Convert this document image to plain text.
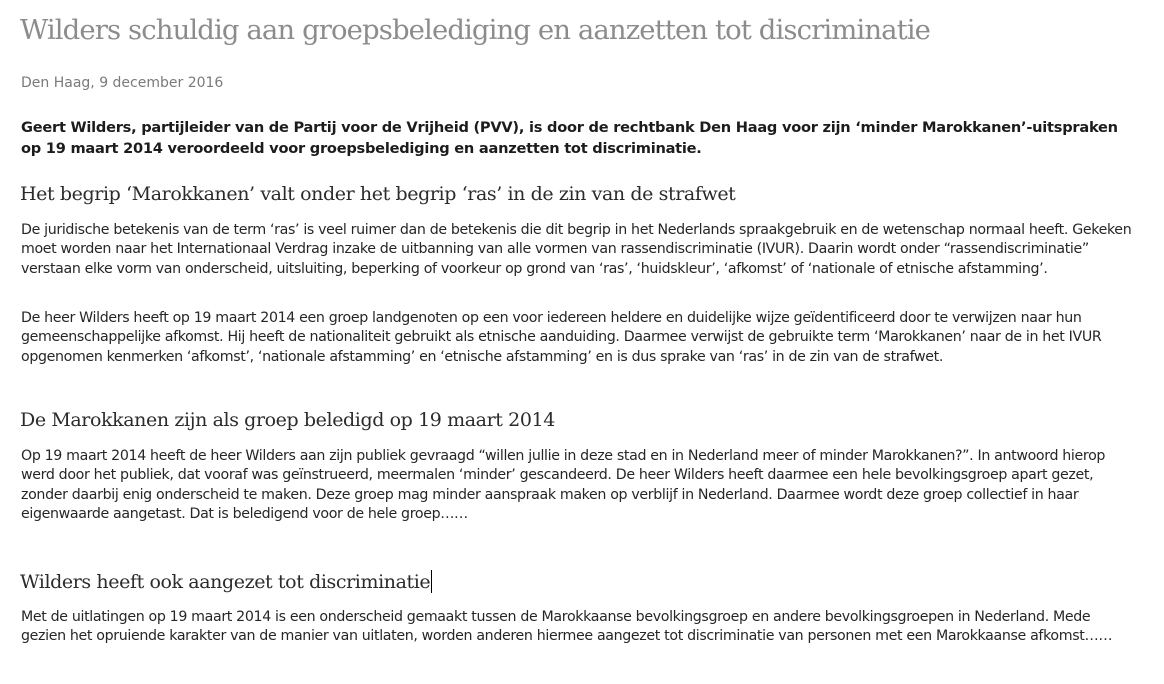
Wilders schuldig aan groepsbelediging en aanzetten tot discriminatie
Den Haag, 9 december 2016

Geert Wilders, partijleider van de Partij voor de Vrijheid (PVV), is door de rechtbank Den Haag voor zijn ‘minder Marokkanen’-uitspraken op 19 maart 2014 veroordeeld voor groepsbelediging en aanzetten tot discriminatie.

Het begrip ‘Marokkanen’ valt onder het begrip ‘ras’ in de zin van de strafwet

De juridische betekenis van de term ‘ras’ is veel ruimer dan de betekenis die dit begrip in het Nederlands spraakgebruik en de wetenschap normaal heeft. Gekeken moet worden naar het Internationaal Verdrag inzake de uitbanning van alle vormen van rassendiscriminatie (IVUR). Daarin wordt onder “rassendiscriminatie” verstaan elke vorm van onderscheid, uitsluiting, beperking of voorkeur op grond van ‘ras’, ‘huidskleur’, ‘afkomst’ of ‘nationale of etnische afstamming’.

De heer Wilders heeft op 19 maart 2014 een groep landgenoten op een voor iedereen heldere en duidelijke wijze geïdentificeerd door te verwijzen naar hun gemeenschappelijke afkomst. Hij heeft de nationaliteit gebruikt als etnische aanduiding. Daarmee verwijst de gebruikte term ‘Marokkanen’ naar de in het IVUR opgenomen kenmerken ‘afkomst’, ‘nationale afstamming’ en ‘etnische afstamming’ en is dus sprake van ‘ras’ in de zin van de strafwet.

De Marokkanen zijn als groep beledigd op 19 maart 2014

Op 19 maart 2014 heeft de heer Wilders aan zijn publiek gevraagd “willen jullie in deze stad en in Nederland meer of minder Marokkanen?”. In antwoord hierop werd door het publiek, dat vooraf was geïnstrueerd, meermalen ‘minder’ gescandeerd. De heer Wilders heeft daarmee een hele bevolkingsgroep apart gezet, zonder daarbij enig onderscheid te maken. Deze groep mag minder aanspraak maken op verblijf in Nederland. Daarmee wordt deze groep collectief in haar eigenwaarde aangetast. Dat is beledigend voor de hele groep……

Wilders heeft ook aangezet tot discriminatie

Met de uitlatingen op 19 maart 2014 is een onderscheid gemaakt tussen de Marokkaanse bevolkingsgroep en andere bevolkingsgroepen in Nederland. Mede gezien het opruiende karakter van de manier van uitlaten, worden anderen hiermee aangezet tot discriminatie van personen met een Marokkaanse afkomst……
